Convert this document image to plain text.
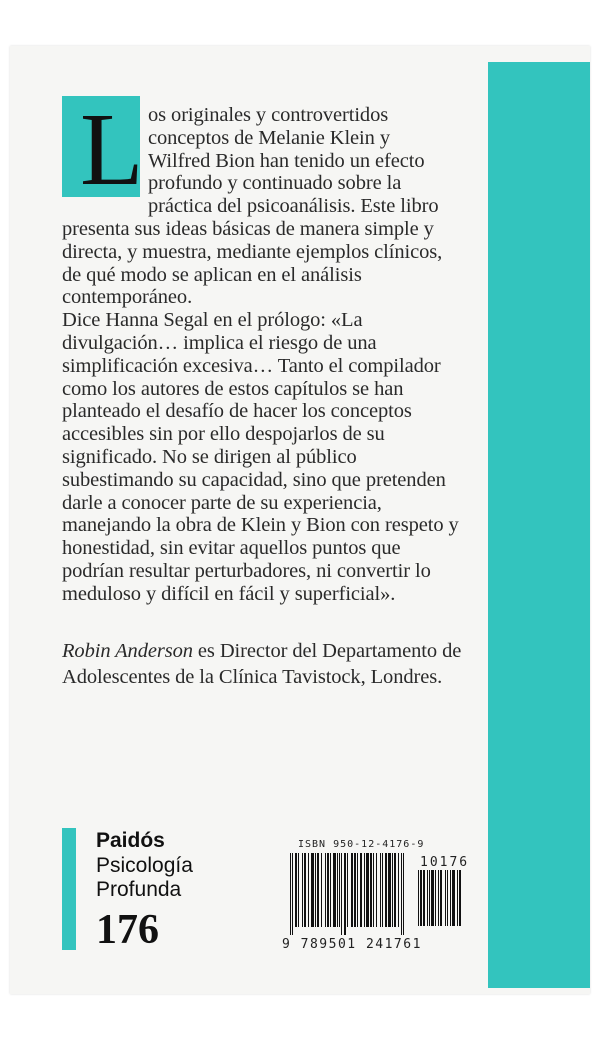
L os originales y controvertidos
conceptos de Melanie Klein y
Wilfred Bion han tenido un efecto
profundo y continuado sobre la
práctica del psicoanálisis. Este libro
presenta sus ideas básicas de manera simple y
directa, y muestra, mediante ejemplos clínicos,
de qué modo se aplican en el análisis
contemporáneo.
Dice Hanna Segal en el prólogo: «La
divulgación… implica el riesgo de una
simplificación excesiva… Tanto el compilador
como los autores de estos capítulos se han
planteado el desafío de hacer los conceptos
accesibles sin por ello despojarlos de su
significado. No se dirigen al público
subestimando su capacidad, sino que pretenden
darle a conocer parte de su experiencia,
manejando la obra de Klein y Bion con respeto y
honestidad, sin evitar aquellos puntos que
podrían resultar perturbadores, ni convertir lo
meduloso y difícil en fácil y superficial».
Robin Anderson es Director del Departamento de
Adolescentes de la Clínica Tavistock, Londres.
Paidós
Psicología
Profunda
176
ISBN 950-12-4176-9
10176
9 789501 241761
